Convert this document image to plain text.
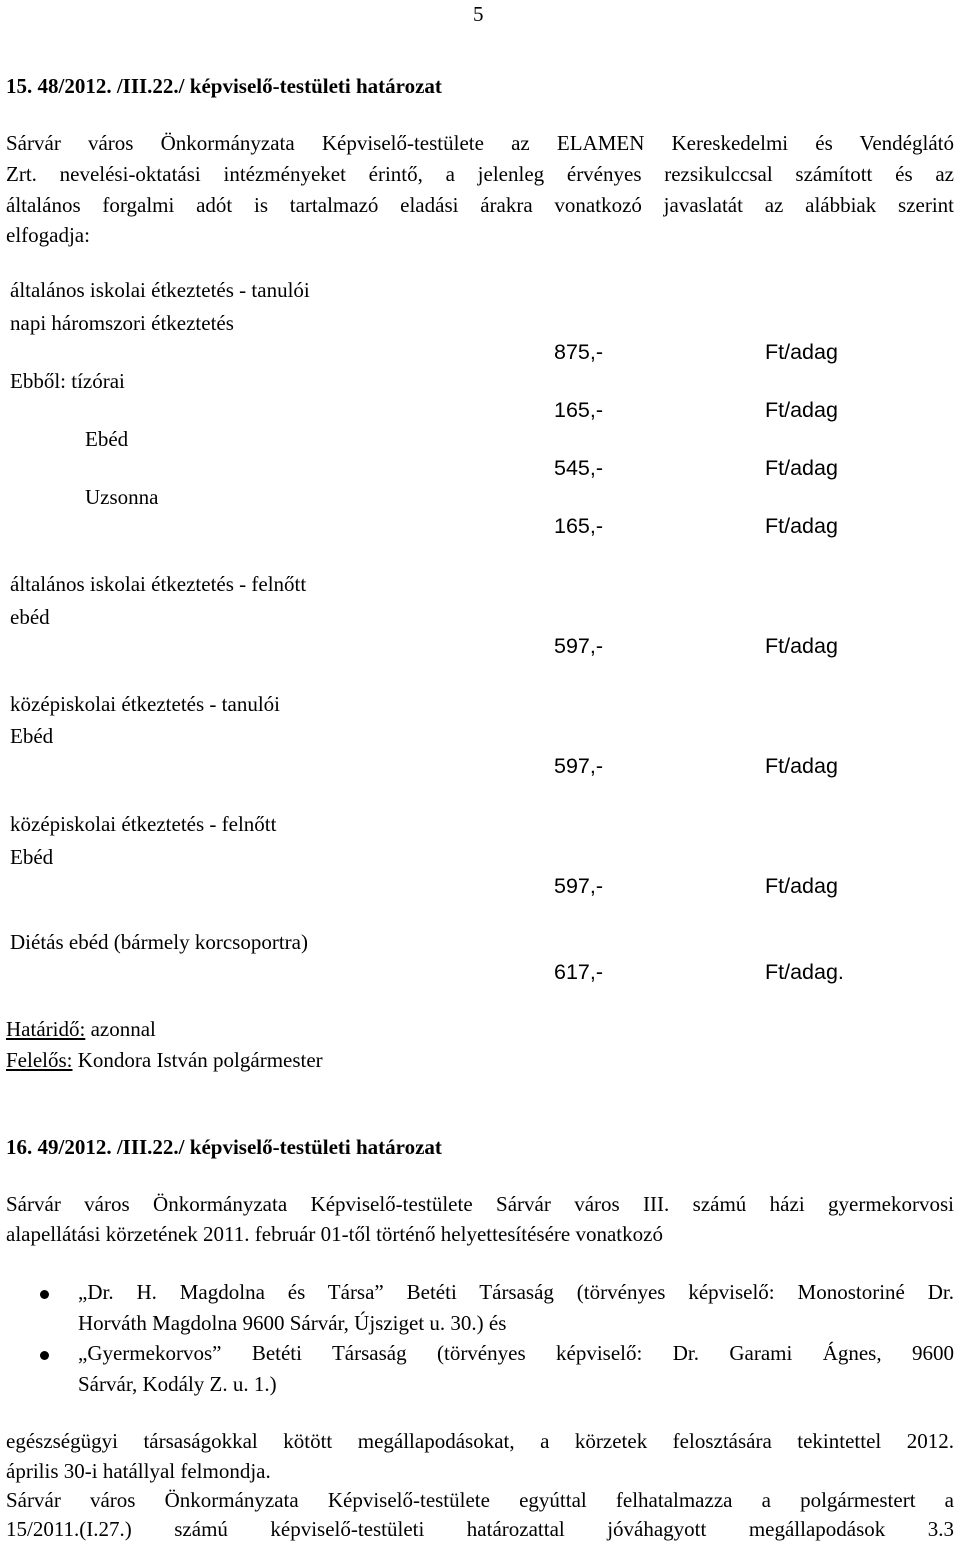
5
15. 48/2012. /III.22./ képviselő-testületi határozat
Sárvár város Önkormányzata Képviselő-testülete az ELAMEN Kereskedelmi és Vendéglátó
Zrt. nevelési-oktatási intézményeket érintő, a jelenleg érvényes rezsikulccsal számított és az
általános forgalmi adót is tartalmazó eladási árakra vonatkozó javaslatát az alábbiak szerint
elfogadja:
általános iskolai étkeztetés - tanulói
napi háromszori étkeztetés
875,-	Ft/adag
Ebből: tízórai
165,-	Ft/adag
Ebéd
545,-	Ft/adag
Uzsonna
165,-	Ft/adag
általános iskolai étkeztetés - felnőtt
ebéd
597,-	Ft/adag
középiskolai étkeztetés - tanulói
Ebéd
597,-	Ft/adag
középiskolai étkeztetés - felnőtt
Ebéd
597,-	Ft/adag
Diétás ebéd (bármely korcsoportra)
617,-	Ft/adag.
Határidő: azonnal
Felelős: Kondora István polgármester
16. 49/2012. /III.22./ képviselő-testületi határozat
Sárvár város Önkormányzata Képviselő-testülete Sárvár város III. számú házi gyermekorvosi
alapellátási körzetének 2011. február 01-től történő helyettesítésére vonatkozó
„Dr. H. Magdolna és Társa” Betéti Társaság (törvényes képviselő: Monostoriné Dr.
Horváth Magdolna 9600 Sárvár, Újsziget u. 30.) és
„Gyermekorvos” Betéti Társaság (törvényes képviselő: Dr. Garami Ágnes, 9600
Sárvár, Kodály Z. u. 1.)
egészségügyi társaságokkal kötött megállapodásokat, a körzetek felosztására tekintettel 2012.
április 30-i hatállyal felmondja.
Sárvár város Önkormányzata Képviselő-testülete egyúttal felhatalmazza a polgármestert a
15/2011.(I.27.) számú képviselő-testületi határozattal jóváhagyott megállapodások 3.3
